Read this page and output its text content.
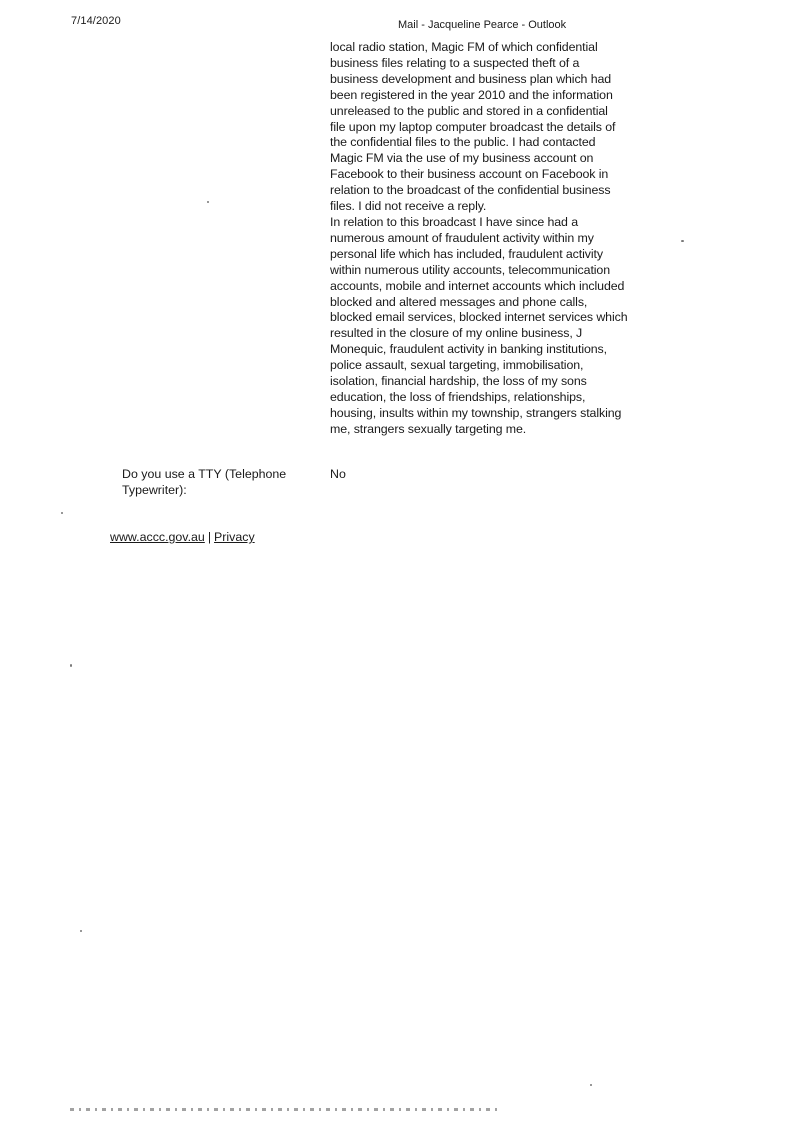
7/14/2020	Mail - Jacqueline Pearce - Outlook

local radio station, Magic FM of which confidential
business files relating to a suspected theft of a
business development and business plan which had
been registered in the year 2010 and the information
unreleased to the public and stored in a confidential
file upon my laptop computer broadcast the details of
the confidential files to the public. I had contacted
Magic FM via the use of my business account on
Facebook to their business account on Facebook in
relation to the broadcast of the confidential business
files. I did not receive a reply.

In relation to this broadcast I have since had a
numerous amount of fraudulent activity within my
personal life which has included, fraudulent activity
within numerous utility accounts, telecommunication
accounts, mobile and internet accounts which included
blocked and altered messages and phone calls,
blocked email services, blocked internet services which
resulted in the closure of my online business, J
Monequic, fraudulent activity in banking institutions,
police assault, sexual targeting, immobilisation,
isolation, financial hardship, the loss of my sons
education, the loss of friendships, relationships,
housing, insults within my township, strangers stalking
me, strangers sexually targeting me.

Do you use a TTY (Telephone
Typewriter):
No
www.accc.gov.au | Privacy
